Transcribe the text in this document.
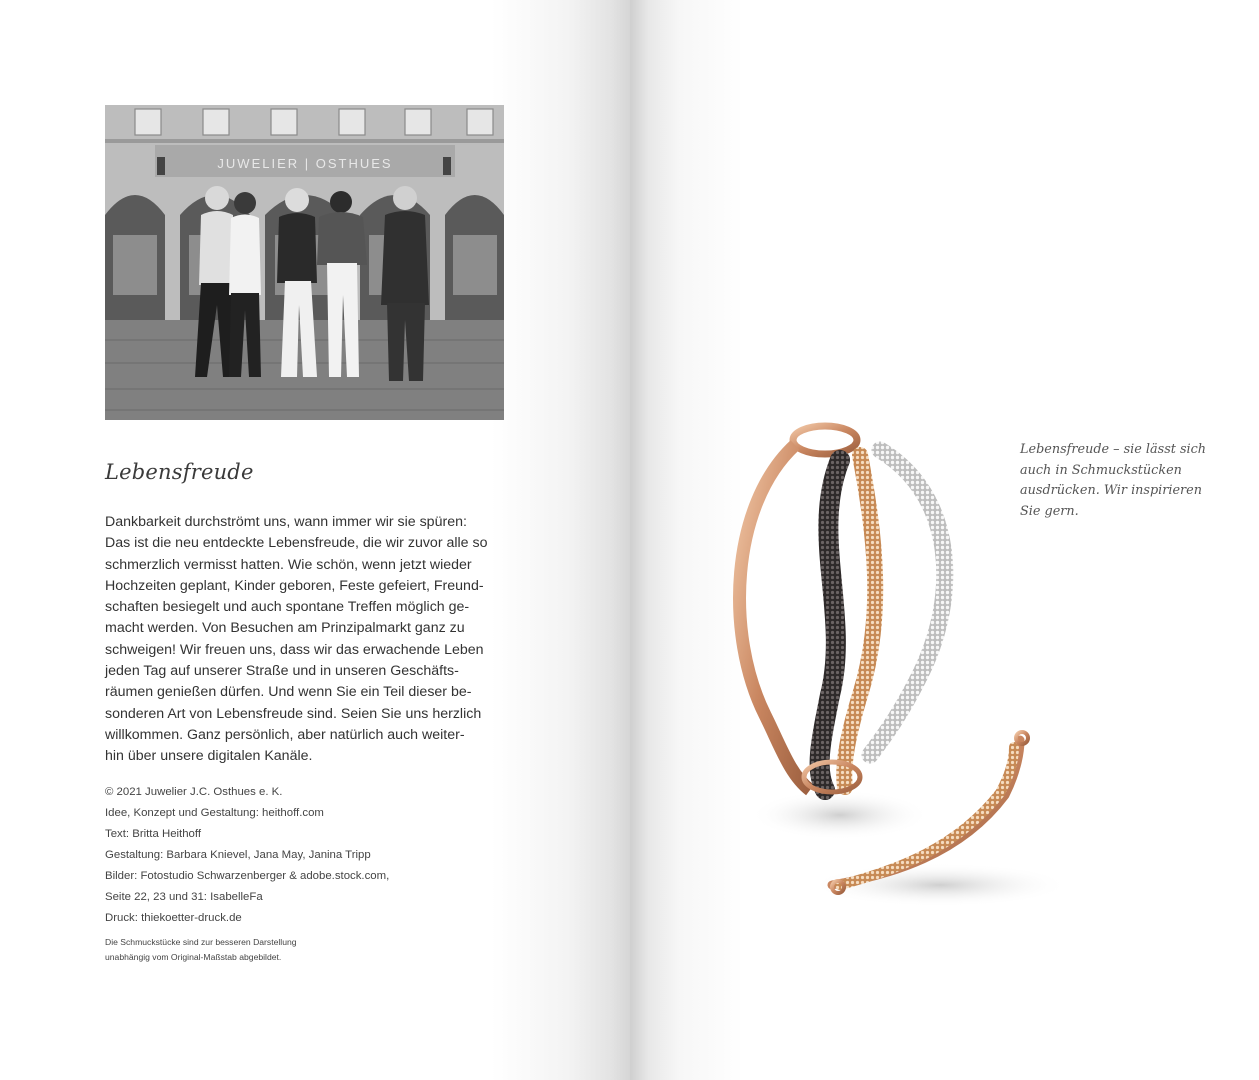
JUWELIER | OSTHUES
Lebensfreude
Dankbarkeit durchströmt uns, wann immer wir sie spüren:
Das ist die neu entdeckte Lebensfreude, die wir zuvor alle so
schmerzlich vermisst hatten. Wie schön, wenn jetzt wieder
Hochzeiten geplant, Kinder geboren, Feste gefeiert, Freund-
schaften besiegelt und auch spontane Treffen möglich ge-
macht werden. Von Besuchen am Prinzipalmarkt ganz zu
schweigen! Wir freuen uns, dass wir das erwachende Leben
jeden Tag auf unserer Straße und in unseren Geschäfts-
räumen genießen dürfen. Und wenn Sie ein Teil dieser be-
sonderen Art von Lebensfreude sind. Seien Sie uns herzlich
willkommen. Ganz persönlich, aber natürlich auch weiter-
hin über unsere digitalen Kanäle.
© 2021 Juwelier J.C. Osthues e. K.
Idee, Konzept und Gestaltung: heithoff.com
Text: Britta Heithoff
Gestaltung: Barbara Knievel, Jana May, Janina Tripp
Bilder: Fotostudio Schwarzenberger & adobe.stock.com,
Seite 22, 23 und 31: IsabelleFa
Druck: thiekoetter-druck.de
Die Schmuckstücke sind zur besseren Darstellung
unabhängig vom Original-Maßstab abgebildet.
Lebensfreude – sie lässt sich
auch in Schmuckstücken
ausdrücken. Wir inspirieren
Sie gern.
